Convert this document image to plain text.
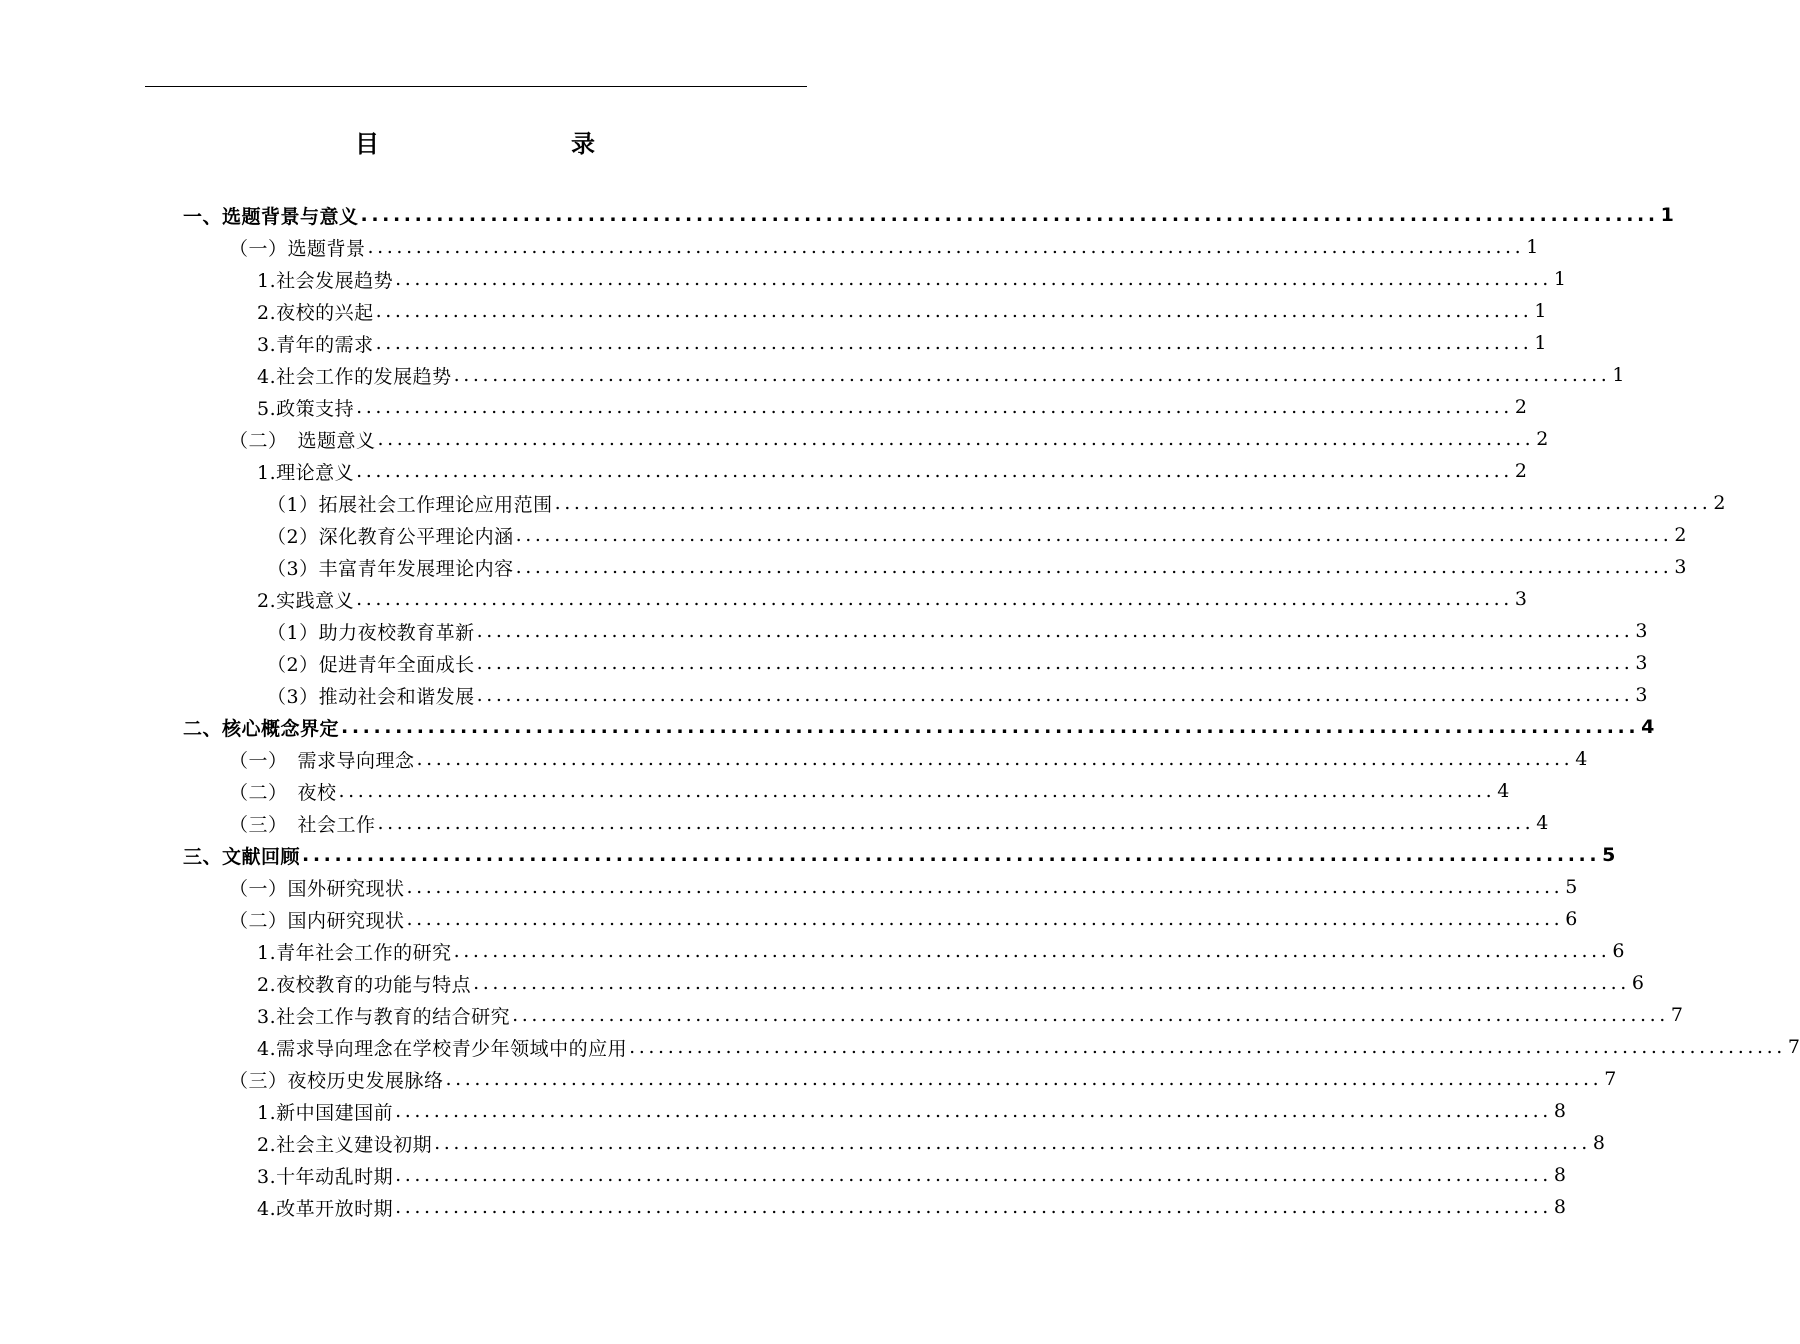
目　　录
一、选题背景与意义 ........................................................................................................................ 1
（一）选题背景 ........................................................................................................................ 1
1.社会发展趋势 ........................................................................................................................ 1
2.夜校的兴起 ........................................................................................................................ 1
3.青年的需求 ........................................................................................................................ 1
4.社会工作的发展趋势 ........................................................................................................................ 1
5.政策支持 ........................................................................................................................ 2
（二）　选题意义 ........................................................................................................................ 2
1.理论意义 ........................................................................................................................ 2
（1）拓展社会工作理论应用范围 ........................................................................................................................ 2
（2）深化教育公平理论内涵 ........................................................................................................................ 2
（3）丰富青年发展理论内容 ........................................................................................................................ 3
2.实践意义 ........................................................................................................................ 3
（1）助力夜校教育革新 ........................................................................................................................ 3
（2）促进青年全面成长 ........................................................................................................................ 3
（3）推动社会和谐发展 ........................................................................................................................ 3
二、核心概念界定 ........................................................................................................................ 4
（一）　需求导向理念 ........................................................................................................................ 4
（二）　夜校 ........................................................................................................................ 4
（三）　社会工作 ........................................................................................................................ 4
三、文献回顾 ........................................................................................................................ 5
（一）国外研究现状 ........................................................................................................................ 5
（二）国内研究现状 ........................................................................................................................ 6
1.青年社会工作的研究 ........................................................................................................................ 6
2.夜校教育的功能与特点 ........................................................................................................................ 6
3.社会工作与教育的结合研究 ........................................................................................................................ 7
4.需求导向理念在学校青少年领域中的应用 ........................................................................................................................ 7
（三）夜校历史发展脉络 ........................................................................................................................ 7
1.新中国建国前 ........................................................................................................................ 8
2.社会主义建设初期 ........................................................................................................................ 8
3.十年动乱时期 ........................................................................................................................ 8
4.改革开放时期 ........................................................................................................................ 8
